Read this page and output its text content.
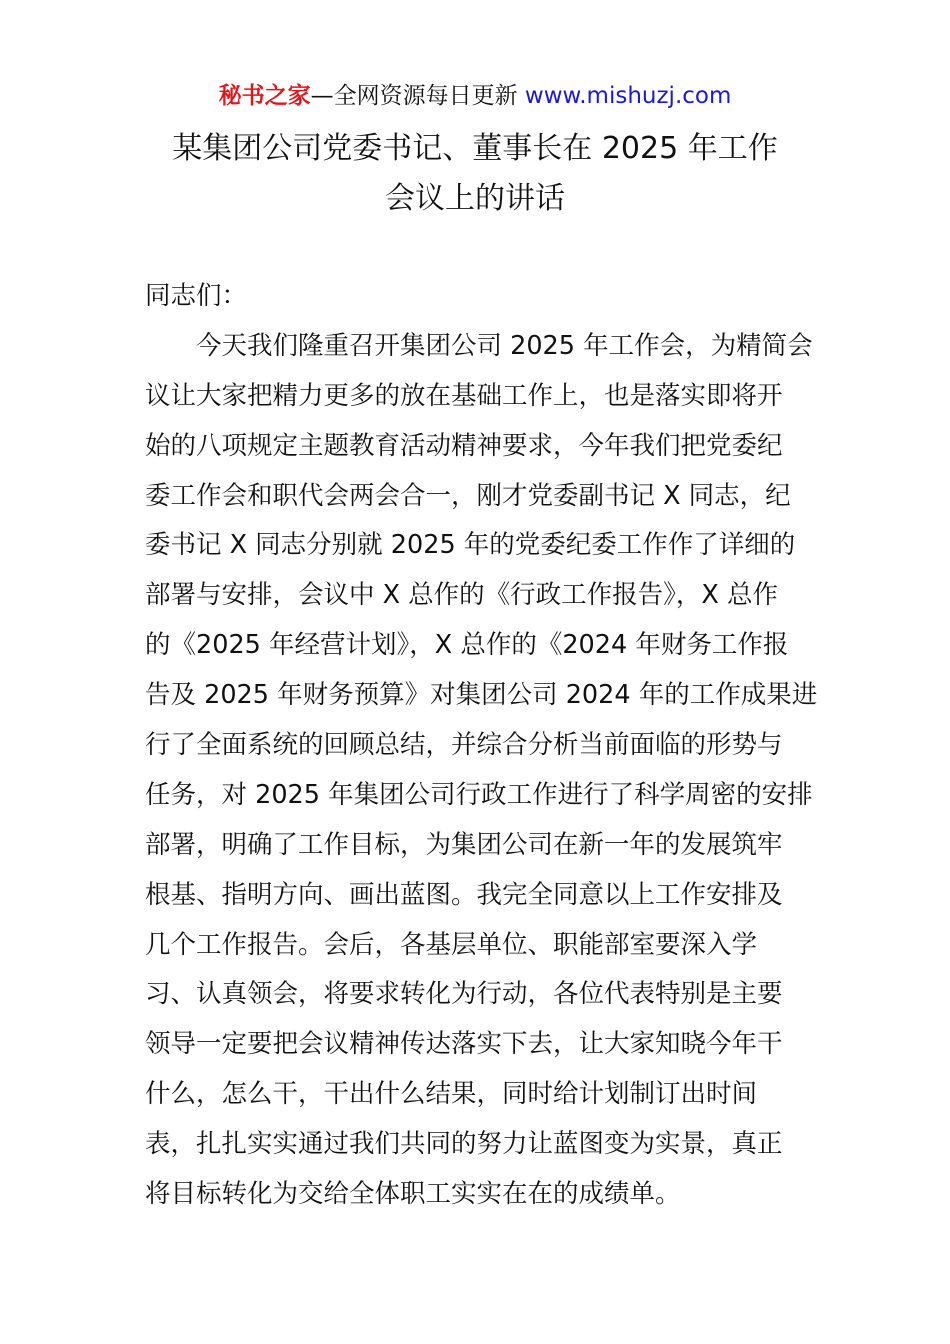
秘书之家—全网资源每日更新 www.mishuzj.com
某集团公司党委书记、董事长在 2025 年工作
会议上的讲话
同志们：
今天我们隆重召开集团公司 2025 年工作会，为精简会
议让大家把精力更多的放在基础工作上，也是落实即将开
始的八项规定主题教育活动精神要求，今年我们把党委纪
委工作会和职代会两会合一，刚才党委副书记 X 同志，纪
委书记 X 同志分别就 2025 年的党委纪委工作作了详细的
部署与安排，会议中 X 总作的《行政工作报告》，X 总作
的《2025 年经营计划》，X 总作的《2024 年财务工作报
告及 2025 年财务预算》对集团公司 2024 年的工作成果进
行了全面系统的回顾总结，并综合分析当前面临的形势与
任务，对 2025 年集团公司行政工作进行了科学周密的安排
部署，明确了工作目标，为集团公司在新一年的发展筑牢
根基、指明方向、画出蓝图。我完全同意以上工作安排及
几个工作报告。会后，各基层单位、职能部室要深入学
习、认真领会，将要求转化为行动，各位代表特别是主要
领导一定要把会议精神传达落实下去，让大家知晓今年干
什么，怎么干，干出什么结果，同时给计划制订出时间
表，扎扎实实通过我们共同的努力让蓝图变为实景，真正
将目标转化为交给全体职工实实在在的成绩单。
